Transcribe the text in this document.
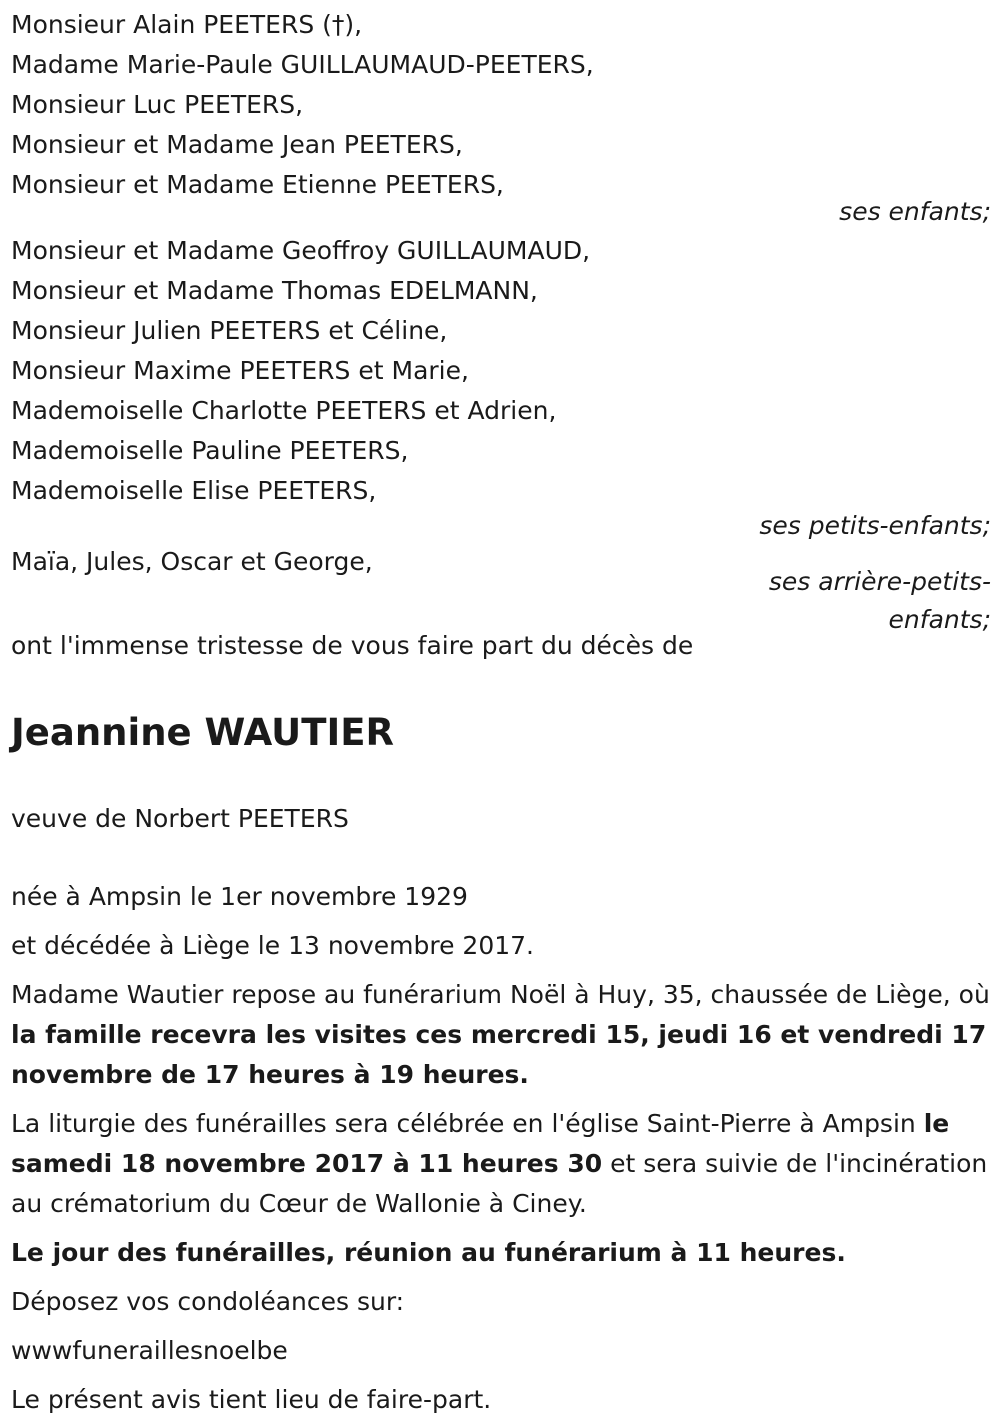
Monsieur Alain PEETERS (†),
Madame Marie-Paule GUILLAUMAUD-PEETERS,
Monsieur Luc PEETERS,
Monsieur et Madame Jean PEETERS,
Monsieur et Madame Etienne PEETERS,
ses enfants;
Monsieur et Madame Geoffroy GUILLAUMAUD,
Monsieur et Madame Thomas EDELMANN,
Monsieur Julien PEETERS et Céline,
Monsieur Maxime PEETERS et Marie,
Mademoiselle Charlotte PEETERS et Adrien,
Mademoiselle Pauline PEETERS,
Mademoiselle Elise PEETERS,
ses petits-enfants;
Maïa, Jules, Oscar et George,
ses arrière-petits-
enfants;
ont l'immense tristesse de vous faire part du décès de
Jeannine WAUTIER
veuve de Norbert PEETERS
née à Ampsin le 1er novembre 1929
et décédée à Liège le 13 novembre 2017.

Madame Wautier repose au funérarium Noël à Huy, 35, chaussée de Liège, où la famille recevra les visites ces mercredi 15, jeudi 16 et vendredi 17 novembre de 17 heures à 19 heures.

La liturgie des funérailles sera célébrée en l'église Saint-Pierre à Ampsin le samedi 18 novembre 2017 à 11 heures 30 et sera suivie de l'incinération au crématorium du Cœur de Wallonie à Ciney.

Le jour des funérailles, réunion au funérarium à 11 heures.
Déposez vos condoléances sur:
wwwfuneraillesnoelbe
Le présent avis tient lieu de faire-part.
